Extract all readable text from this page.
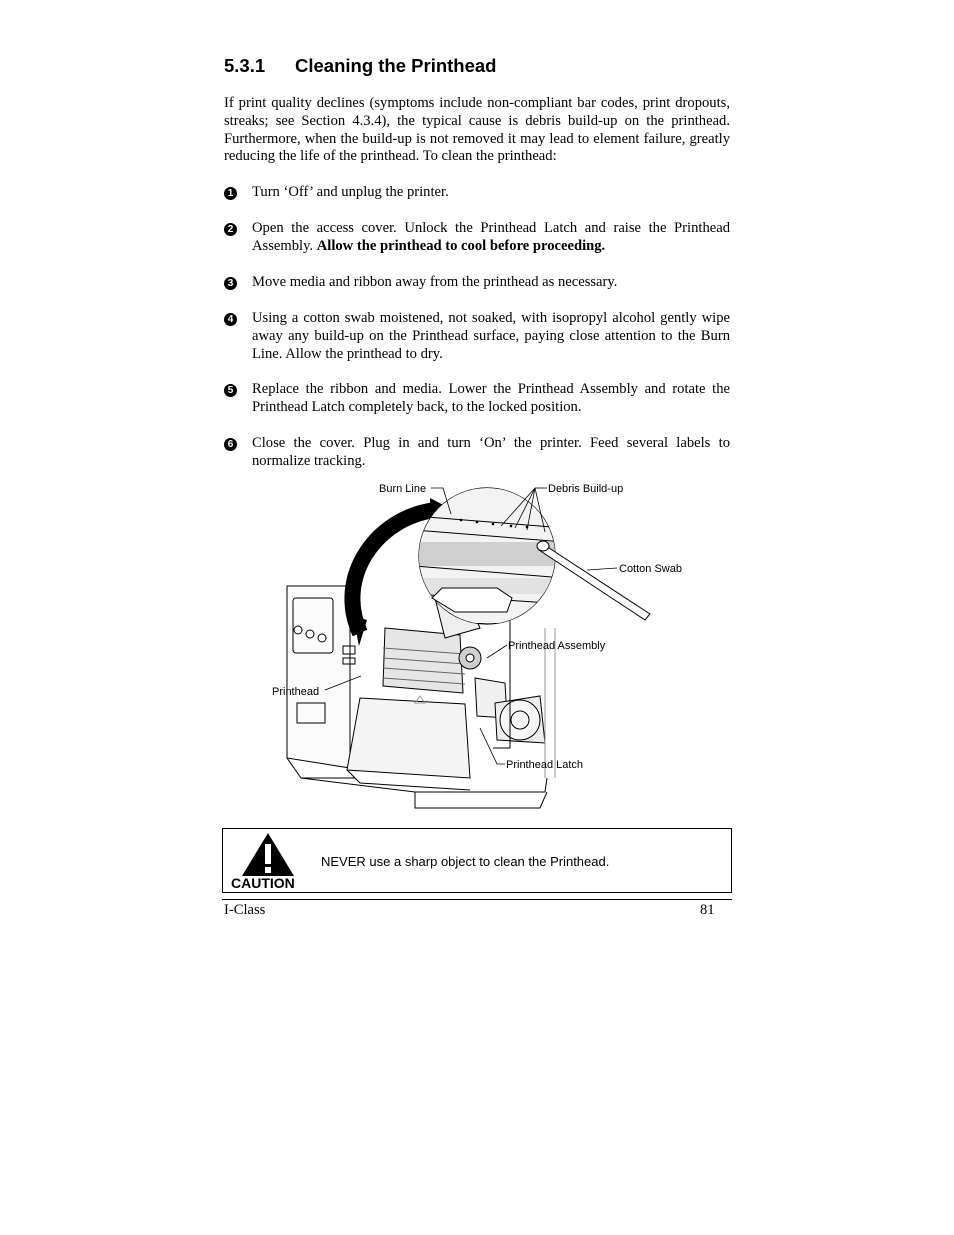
5.3.1 Cleaning the Printhead

If print quality declines (symptoms include non-compliant bar codes, print dropouts, streaks; see Section 4.3.4), the typical cause is debris build-up on the printhead. Furthermore, when the build-up is not removed it may lead to element failure, greatly reducing the life of the printhead. To clean the printhead:

1 Turn ‘Off’ and unplug the printer.
2 Open the access cover. Unlock the Printhead Latch and raise the Printhead Assembly. Allow the printhead to cool before proceeding.
3 Move media and ribbon away from the printhead as necessary.
4 Using a cotton swab moistened, not soaked, with isopropyl alcohol gently wipe away any build-up on the Printhead surface, paying close attention to the Burn Line. Allow the printhead to dry.
5 Replace the ribbon and media. Lower the Printhead Assembly and rotate the Printhead Latch completely back, to the locked position.
6 Close the cover. Plug in and turn ‘On’ the printer. Feed several labels to normalize tracking.
Burn Line	Debris Build-up
Cotton Swab
Printhead Assembly
Printhead
Printhead Latch
CAUTION
NEVER use a sharp object to clean the Printhead.
I-Class	81
